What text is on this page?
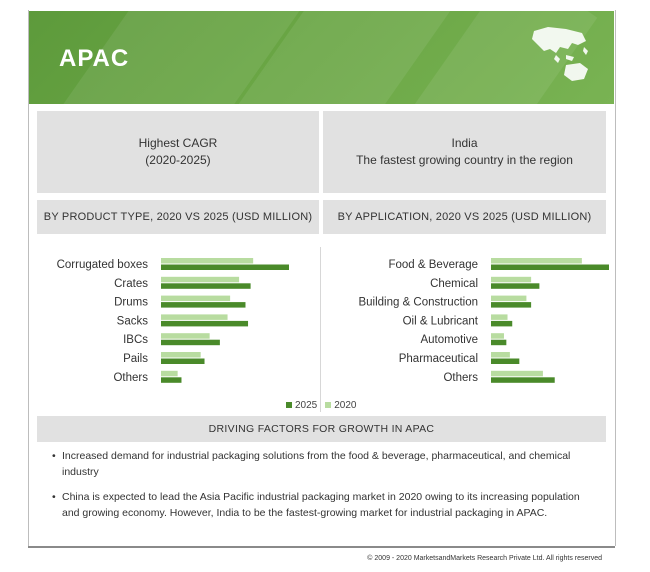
APAC
Highest CAGR
(2020-2025)
India
The fastest growing country in the region
BY PRODUCT TYPE, 2020 VS 2025 (USD MILLION)	BY APPLICATION, 2020 VS 2025 (USD MILLION)
Corrugated boxes
Crates
Drums
Sacks
IBCs
Pails
Others
Food & Beverage
Chemical
Building & Construction
Oil & Lubricant
Automotive
Pharmaceutical
Others
2025	2020
DRIVING FACTORS FOR GROWTH IN APAC
• Increased demand for industrial packaging solutions from the food & beverage, pharmaceutical, and chemical industry
• China is expected to lead the Asia Pacific industrial packaging market in 2020 owing to its increasing population and growing economy. However, India to be the fastest-growing market for industrial packaging in APAC.
© 2009 - 2020 MarketsandMarkets Research Private Ltd. All rights reserved
